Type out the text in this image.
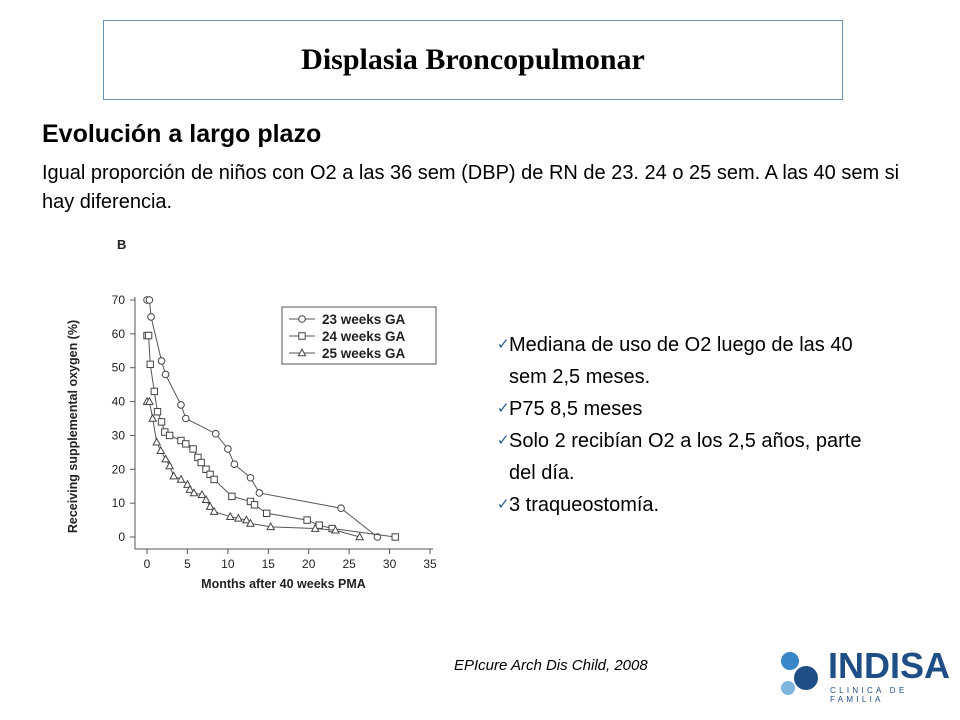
Displasia Broncopulmonar
Evolución a largo plazo
Igual proporción de niños con O2 a las 36 sem (DBP) de RN de 23. 24 o 25 sem. A las 40 sem si hay diferencia.
B
0
10
20
30
40
50
60
70
0	5	10 15 20 25 30 35
Months after 40 weeks PMA
Receiving supplemental oxygen (%)
23 weeks GA
24 weeks GA
25 weeks GA
✓ Mediana de uso de O2 luego de las 40 sem 2,5 meses.
✓ P75 8,5 meses
✓ Solo 2 recibían O2 a los 2,5 años, parte del día.
✓ 3 traqueostomía.
EPIcure Arch Dis Child, 2008	INDISA
CLINICA DE FAMILIA
